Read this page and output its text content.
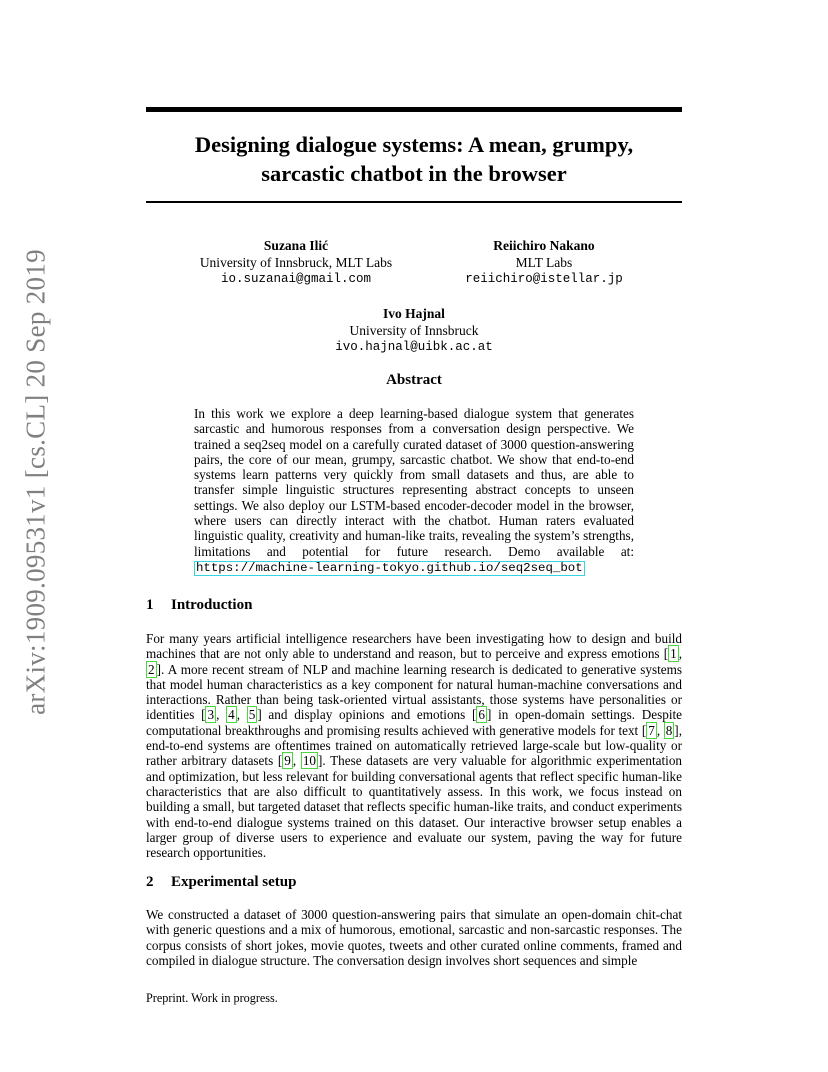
arXiv:1909.09531v1 [cs.CL] 20 Sep 2019
Designing dialogue systems: A mean, grumpy,
sarcastic chatbot in the browser
Suzana Ilić
University of Innsbruck, MLT Labs
io.suzanai@gmail.com
Reiichiro Nakano
MLT Labs
reiichiro@istellar.jp
Ivo Hajnal
University of Innsbruck
ivo.hajnal@uibk.ac.at
Abstract
In this work we explore a deep learning-based dialogue system that generates sarcastic and humorous responses from a conversation design perspective. We trained a seq2seq model on a carefully curated dataset of 3000 question-answering pairs, the core of our mean, grumpy, sarcastic chatbot. We show that end-to-end systems learn patterns very quickly from small datasets and thus, are able to transfer simple linguistic structures representing abstract concepts to unseen settings. We also deploy our LSTM-based encoder-decoder model in the browser, where users can directly interact with the chatbot. Human raters evaluated linguistic quality, creativity and human-like traits, revealing the system’s strengths, limitations and potential for future research. Demo available at: https://machine-learning-tokyo.github.io/seq2seq_bot
1 Introduction
For many years artificial intelligence researchers have been investigating how to design and build machines that are not only able to understand and reason, but to perceive and express emotions [ 1 , 2 ]. A more recent stream of NLP and machine learning research is dedicated to generative systems that model human characteristics as a key component for natural human-machine conversations and interactions. Rather than being task-oriented virtual assistants, those systems have personalities or identities [ 3 , 4 , 5 ] and display opinions and emotions [ 6 ] in open-domain settings. Despite computational breakthroughs and promising results achieved with generative models for text [ 7 , 8 ], end-to-end systems are oftentimes trained on automatically retrieved large-scale but low-quality or rather arbitrary datasets [ 9 , 10 ]. These datasets are very valuable for algorithmic experimentation and optimization, but less relevant for building conversational agents that reflect specific human-like characteristics that are also difficult to quantitatively assess. In this work, we focus instead on building a small, but targeted dataset that reflects specific human-like traits, and conduct experiments with end-to-end dialogue systems trained on this dataset. Our interactive browser setup enables a larger group of diverse users to experience and evaluate our system, paving the way for future research opportunities.
2 Experimental setup
We constructed a dataset of 3000 question-answering pairs that simulate an open-domain chit-chat with generic questions and a mix of humorous, emotional, sarcastic and non-sarcastic responses. The corpus consists of short jokes, movie quotes, tweets and other curated online comments, framed and compiled in dialogue structure. The conversation design involves short sequences and simple
Preprint. Work in progress.
